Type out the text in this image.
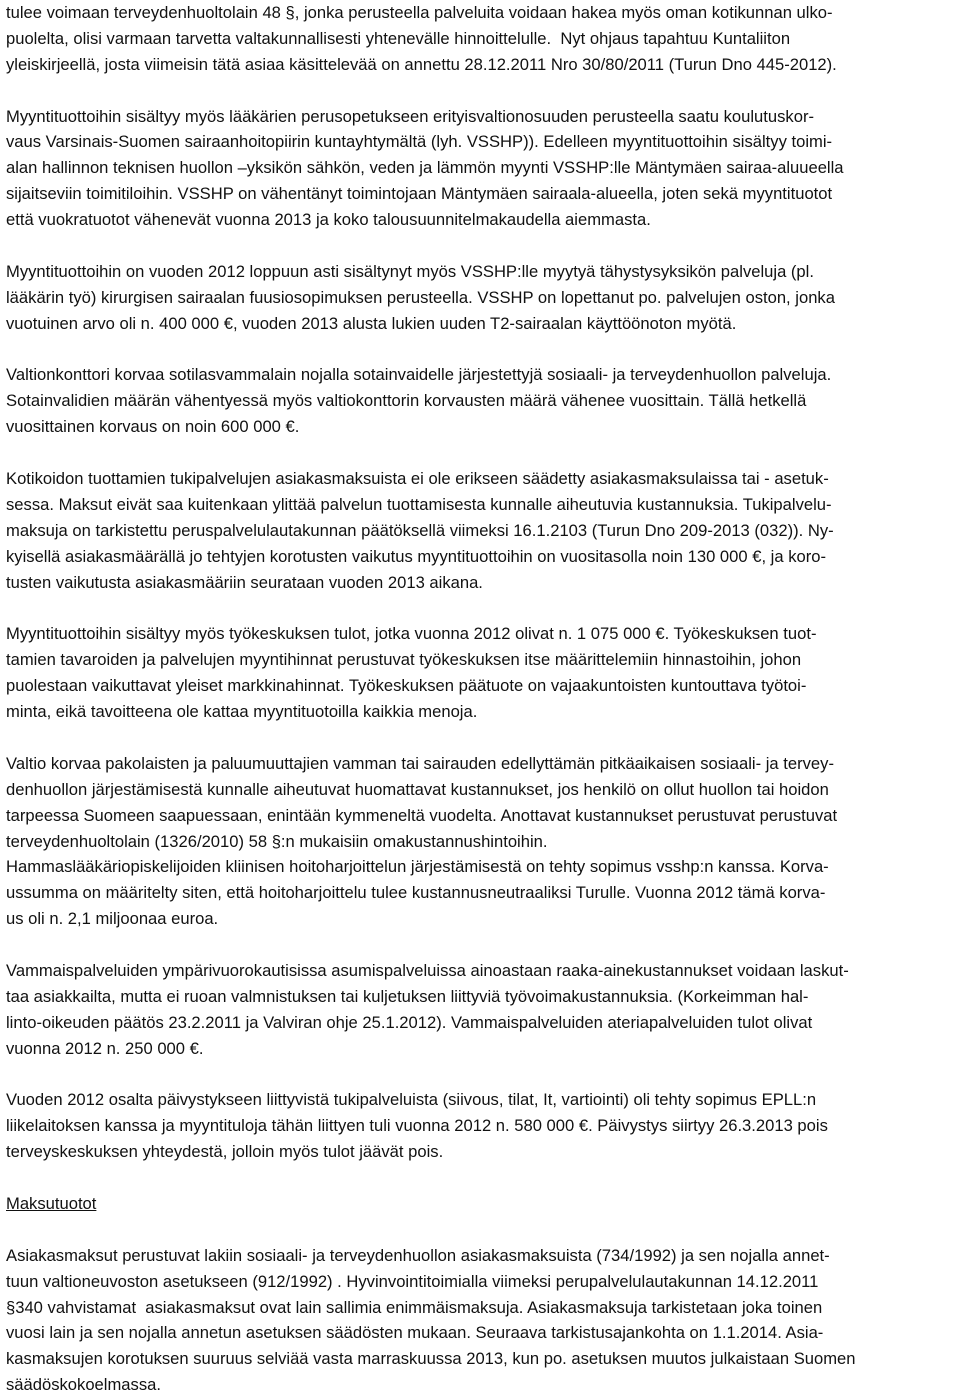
tulee voimaan terveydenhuoltolain 48 §, jonka perusteella palveluita voidaan hakea myös oman kotikunnan ulko-
puolelta, olisi varmaan tarvetta valtakunnallisesti yhtenevälle hinnoittelulle.  Nyt ohjaus tapahtuu Kuntaliiton
yleiskirjeellä, josta viimeisin tätä asiaa käsittelevää on annettu 28.12.2011 Nro 30/80/2011 (Turun Dno 445-2012).
Myyntituottoihin sisältyy myös lääkärien perusopetukseen erityisvaltionosuuden perusteella saatu koulutuskor-
vaus Varsinais-Suomen sairaanhoitopiirin kuntayhtymältä (lyh. VSSHP)). Edelleen myyntituottoihin sisältyy toimi-
alan hallinnon teknisen huollon –yksikön sähkön, veden ja lämmön myynti VSSHP:lle Mäntymäen sairaa-aluueella
sijaitseviin toimitiloihin. VSSHP on vähentänyt toimintojaan Mäntymäen sairaala-alueella, joten sekä myyntituotot
että vuokratuotot vähenevät vuonna 2013 ja koko talousuunnitelmakaudella aiemmasta.
Myyntituottoihin on vuoden 2012 loppuun asti sisältynyt myös VSSHP:lle myytyä tähystysyksikön palveluja (pl.
lääkärin työ) kirurgisen sairaalan fuusiosopimuksen perusteella. VSSHP on lopettanut po. palvelujen oston, jonka
vuotuinen arvo oli n. 400 000 €, vuoden 2013 alusta lukien uuden T2-sairaalan käyttöönoton myötä.
Valtionkonttori korvaa sotilasvammalain nojalla sotainvaidelle järjestettyjä sosiaali- ja terveydenhuollon palveluja.
Sotainvalidien määrän vähentyessä myös valtiokonttorin korvausten määrä vähenee vuosittain. Tällä hetkellä
vuosittainen korvaus on noin 600 000 €.
Kotikoidon tuottamien tukipalvelujen asiakasmaksuista ei ole erikseen säädetty asiakasmaksulaissa tai - asetuk-
sessa. Maksut eivät saa kuitenkaan ylittää palvelun tuottamisesta kunnalle aiheutuvia kustannuksia. Tukipalvelu-
maksuja on tarkistettu peruspalvelulautakunnan päätöksellä viimeksi 16.1.2103 (Turun Dno 209-2013 (032)). Ny-
kyisellä asiakasmäärällä jo tehtyjen korotusten vaikutus myyntituottoihin on vuositasolla noin 130 000 €, ja koro-
tusten vaikutusta asiakasmääriin seurataan vuoden 2013 aikana.
Myyntituottoihin sisältyy myös työkeskuksen tulot, jotka vuonna 2012 olivat n. 1 075 000 €. Työkeskuksen tuot-
tamien tavaroiden ja palvelujen myyntihinnat perustuvat työkeskuksen itse määrittelemiin hinnastoihin, johon
puolestaan vaikuttavat yleiset markkinahinnat. Työkeskuksen päätuote on vajaakuntoisten kuntouttava työtoi-
minta, eikä tavoitteena ole kattaa myyntituotoilla kaikkia menoja.
Valtio korvaa pakolaisten ja paluumuuttajien vamman tai sairauden edellyttämän pitkäaikaisen sosiaali- ja tervey-
denhuollon järjestämisestä kunnalle aiheutuvat huomattavat kustannukset, jos henkilö on ollut huollon tai hoidon
tarpeessa Suomeen saapuessaan, enintään kymmeneltä vuodelta. Anottavat kustannukset perustuvat perustuvat
terveydenhuoltolain (1326/2010) 58 §:n mukaisiin omakustannushintoihin.
Hammaslääkäriopiskelijoiden kliinisen hoitoharjoittelun järjestämisestä on tehty sopimus vsshp:n kanssa. Korva-
ussumma on määritelty siten, että hoitoharjoittelu tulee kustannusneutraaliksi Turulle. Vuonna 2012 tämä korva-
us oli n. 2,1 miljoonaa euroa.
Vammaispalveluiden ympärivuorokautisissa asumispalveluissa ainoastaan raaka-ainekustannukset voidaan laskut-
taa asiakkailta, mutta ei ruoan valmnistuksen tai kuljetuksen liittyviä työvoimakustannuksia. (Korkeimman hal-
linto-oikeuden päätös 23.2.2011 ja Valviran ohje 25.1.2012). Vammaispalveluiden ateriapalveluiden tulot olivat
vuonna 2012 n. 250 000 €.
Vuoden 2012 osalta päivystykseen liittyvistä tukipalveluista (siivous, tilat, It, vartiointi) oli tehty sopimus EPLL:n
liikelaitoksen kanssa ja myyntituloja tähän liittyen tuli vuonna 2012 n. 580 000 €. Päivystys siirtyy 26.3.2013 pois
terveyskeskuksen yhteydestä, jolloin myös tulot jäävät pois.
Maksutuotot
Asiakasmaksut perustuvat lakiin sosiaali- ja terveydenhuollon asiakasmaksuista (734/1992) ja sen nojalla annet-
tuun valtioneuvoston asetukseen (912/1992) . Hyvinvointitoimialla viimeksi perupalvelulautakunnan 14.12.2011
§340 vahvistamat  asiakasmaksut ovat lain sallimia enimmäismaksuja. Asiakasmaksuja tarkistetaan joka toinen
vuosi lain ja sen nojalla annetun asetuksen säädösten mukaan. Seuraava tarkistusajankohta on 1.1.2014. Asia-
kasmaksujen korotuksen suuruus selviää vasta marraskuussa 2013, kun po. asetuksen muutos julkaistaan Suomen
säädöskokoelmassa.
